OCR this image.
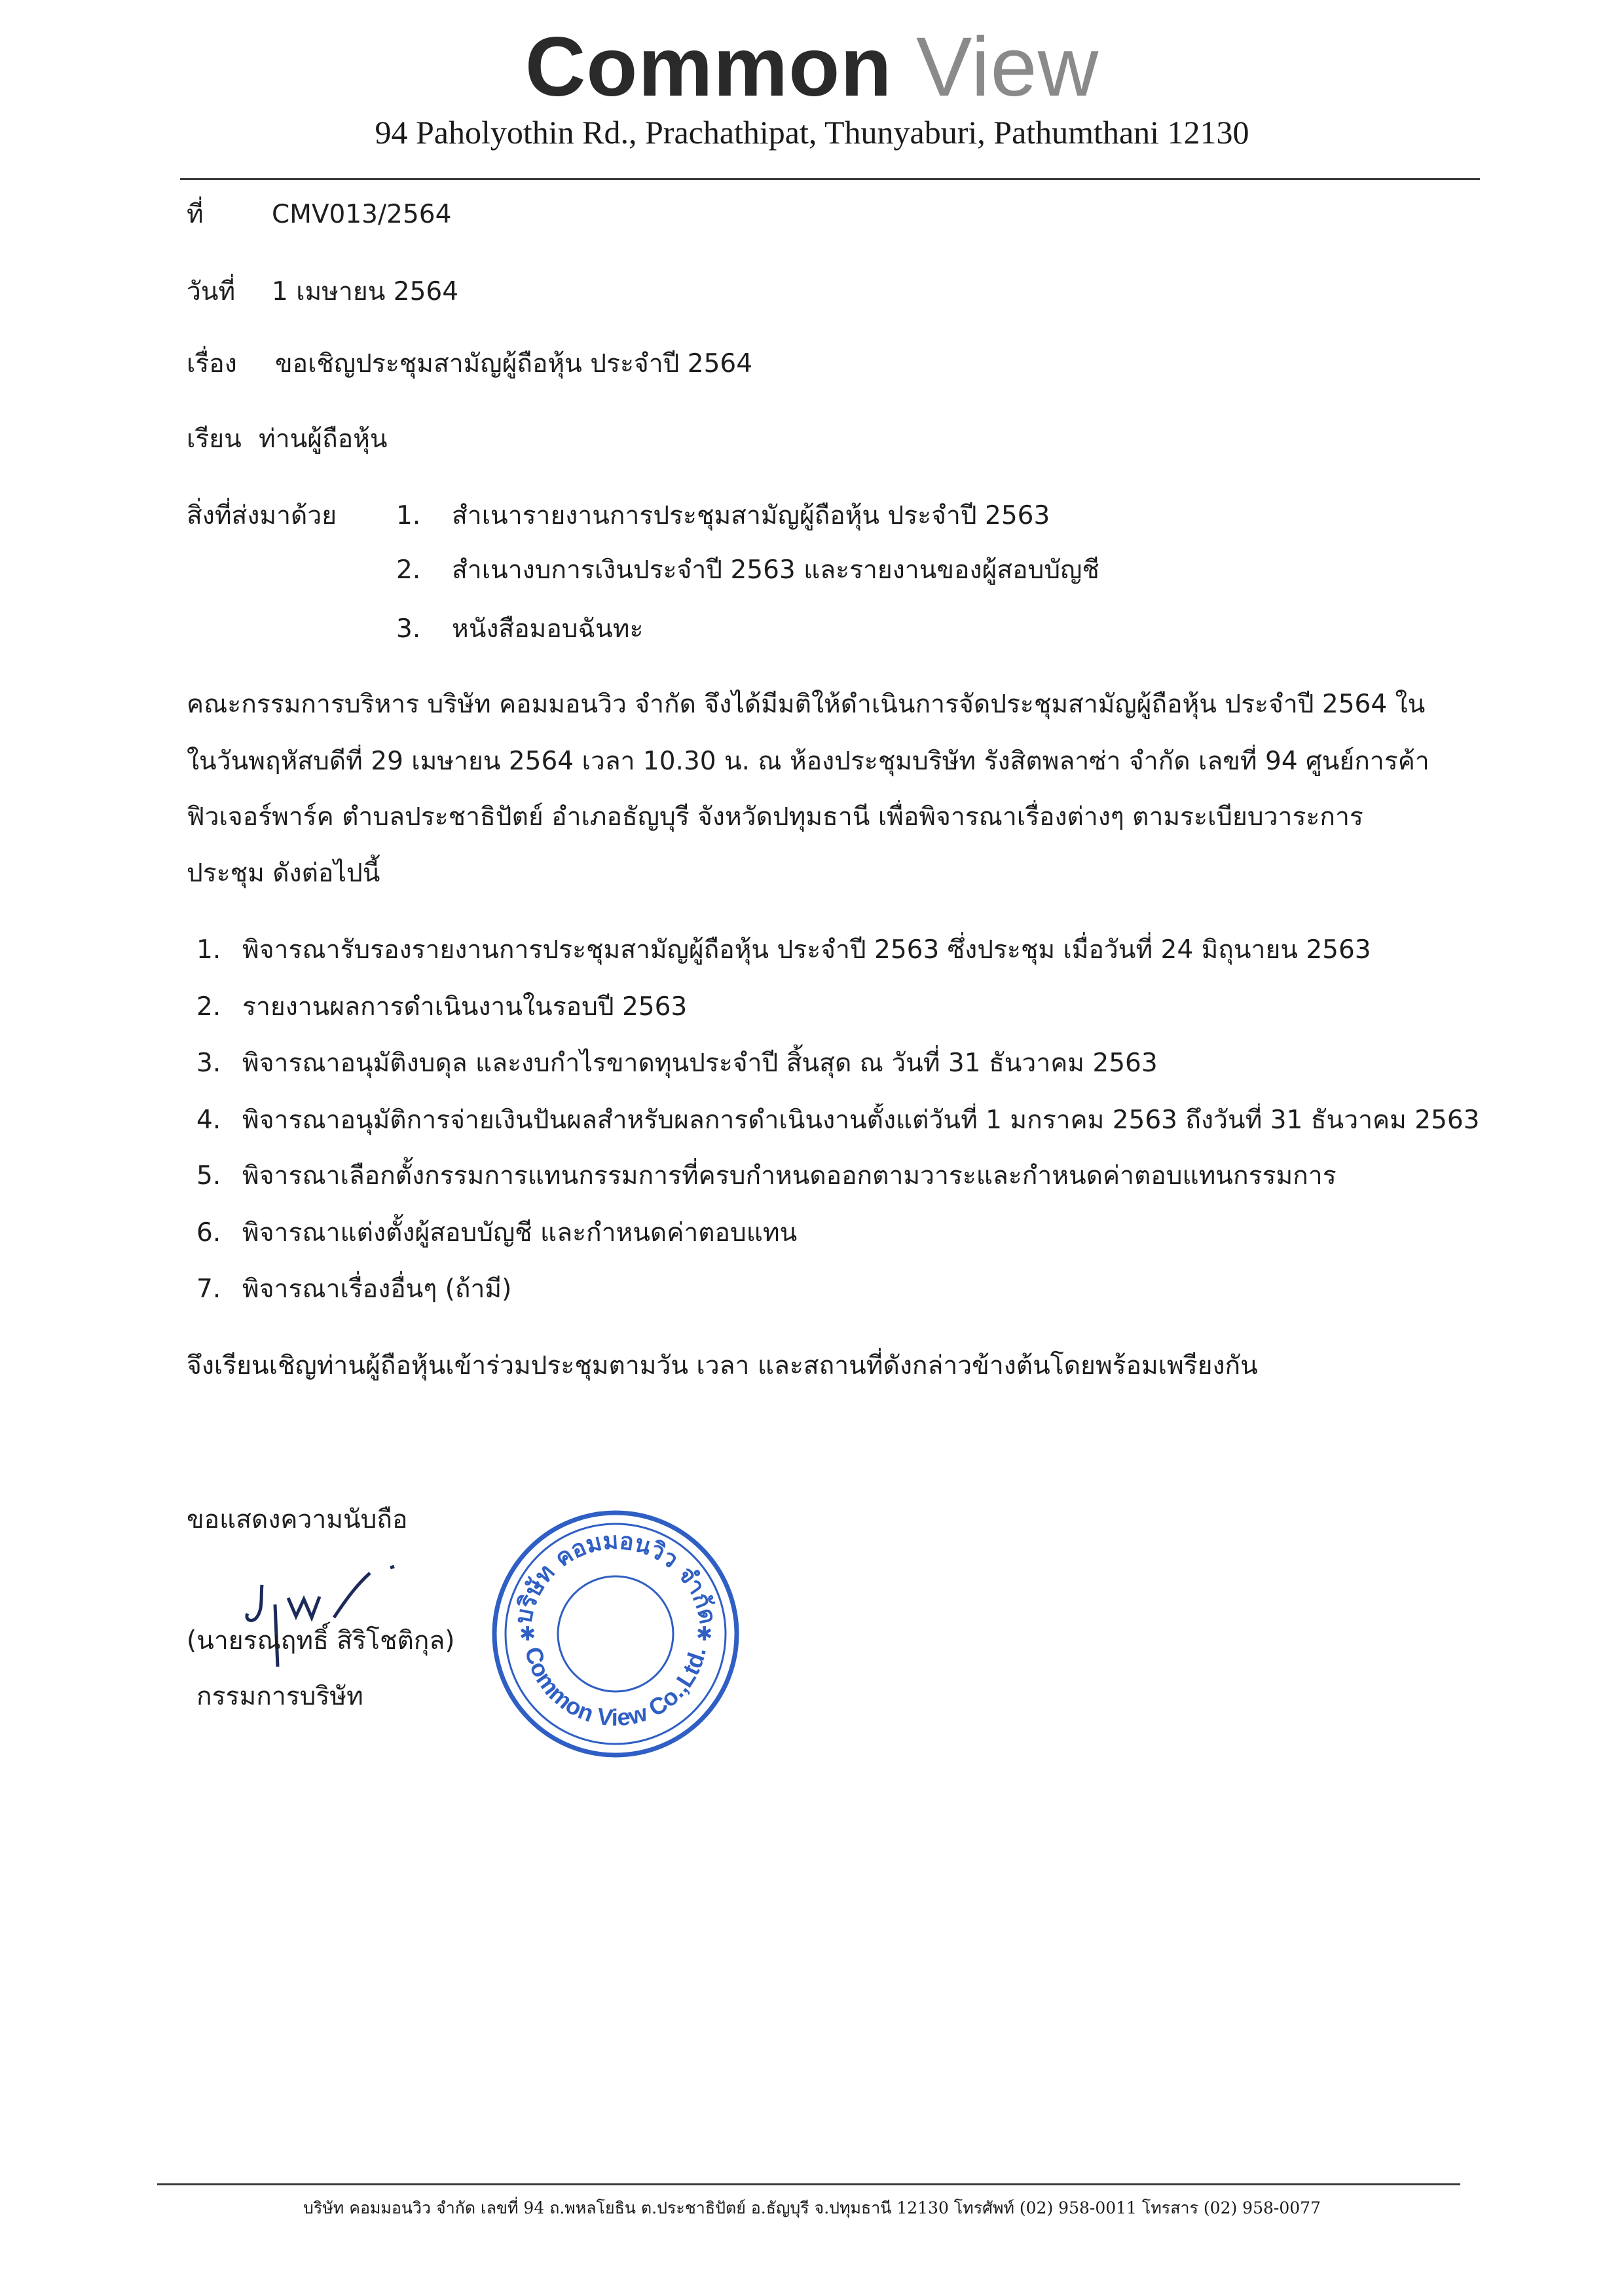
Common View
94 Paholyothin Rd., Prachathipat, Thunyaburi, Pathumthani 12130
ที่	CMV013/2564
วันที่ 1 เมษายน 2564
เรื่อง ขอเชิญประชุมสามัญผู้ถือหุ้น ประจำปี 2564
เรียน ท่านผู้ถือหุ้น
สิ่งที่ส่งมาด้วย 1. สำเนารายงานการประชุมสามัญผู้ถือหุ้น ประจำปี 2563
2. สำเนางบการเงินประจำปี 2563 และรายงานของผู้สอบบัญชี
3. หนังสือมอบฉันทะ
คณะกรรมการบริหาร บริษัท คอมมอนวิว จำกัด จึงได้มีมติให้ดำเนินการจัดประชุมสามัญผู้ถือหุ้น ประจำปี 2564 ใน
ในวันพฤหัสบดีที่ 29 เมษายน 2564 เวลา 10.30 น. ณ ห้องประชุมบริษัท รังสิตพลาซ่า จำกัด เลขที่ 94 ศูนย์การค้า
ฟิวเจอร์พาร์ค ตำบลประชาธิปัตย์ อำเภอธัญบุรี จังหวัดปทุมธานี เพื่อพิจารณาเรื่องต่างๆ ตามระเบียบวาระการ
ประชุม ดังต่อไปนี้
1. พิจารณารับรองรายงานการประชุมสามัญผู้ถือหุ้น ประจำปี 2563 ซึ่งประชุม เมื่อวันที่ 24 มิถุนายน 2563
2. รายงานผลการดำเนินงานในรอบปี 2563
3. พิจารณาอนุมัติงบดุล และงบกำไรขาดทุนประจำปี สิ้นสุด ณ วันที่ 31 ธันวาคม 2563
4. พิจารณาอนุมัติการจ่ายเงินปันผลสำหรับผลการดำเนินงานตั้งแต่วันที่ 1 มกราคม 2563 ถึงวันที่ 31 ธันวาคม 2563
5. พิจารณาเลือกตั้งกรรมการแทนกรรมการที่ครบกำหนดออกตามวาระและกำหนดค่าตอบแทนกรรมการ
6. พิจารณาแต่งตั้งผู้สอบบัญชี และกำหนดค่าตอบแทน
7. พิจารณาเรื่องอื่นๆ (ถ้ามี)
จึงเรียนเชิญท่านผู้ถือหุ้นเข้าร่วมประชุมตามวัน เวลา และสถานที่ดังกล่าวข้างต้นโดยพร้อมเพรียงกัน
ขอแสดงความนับถือ
(นายรณฤทธิ์ สิริโชติกุล)
กรรมการบริษัท
บริษัท คอมมอนวิว จำกัด
Common View Co.,Ltd.
✱	✱
บริษัท คอมมอนวิว จำกัด เลขที่ 94 ถ.พหลโยธิน ต.ประชาธิปัตย์ อ.ธัญบุรี จ.ปทุมธานี 12130 โทรศัพท์ (02) 958-0011 โทรสาร (02) 958-0077
